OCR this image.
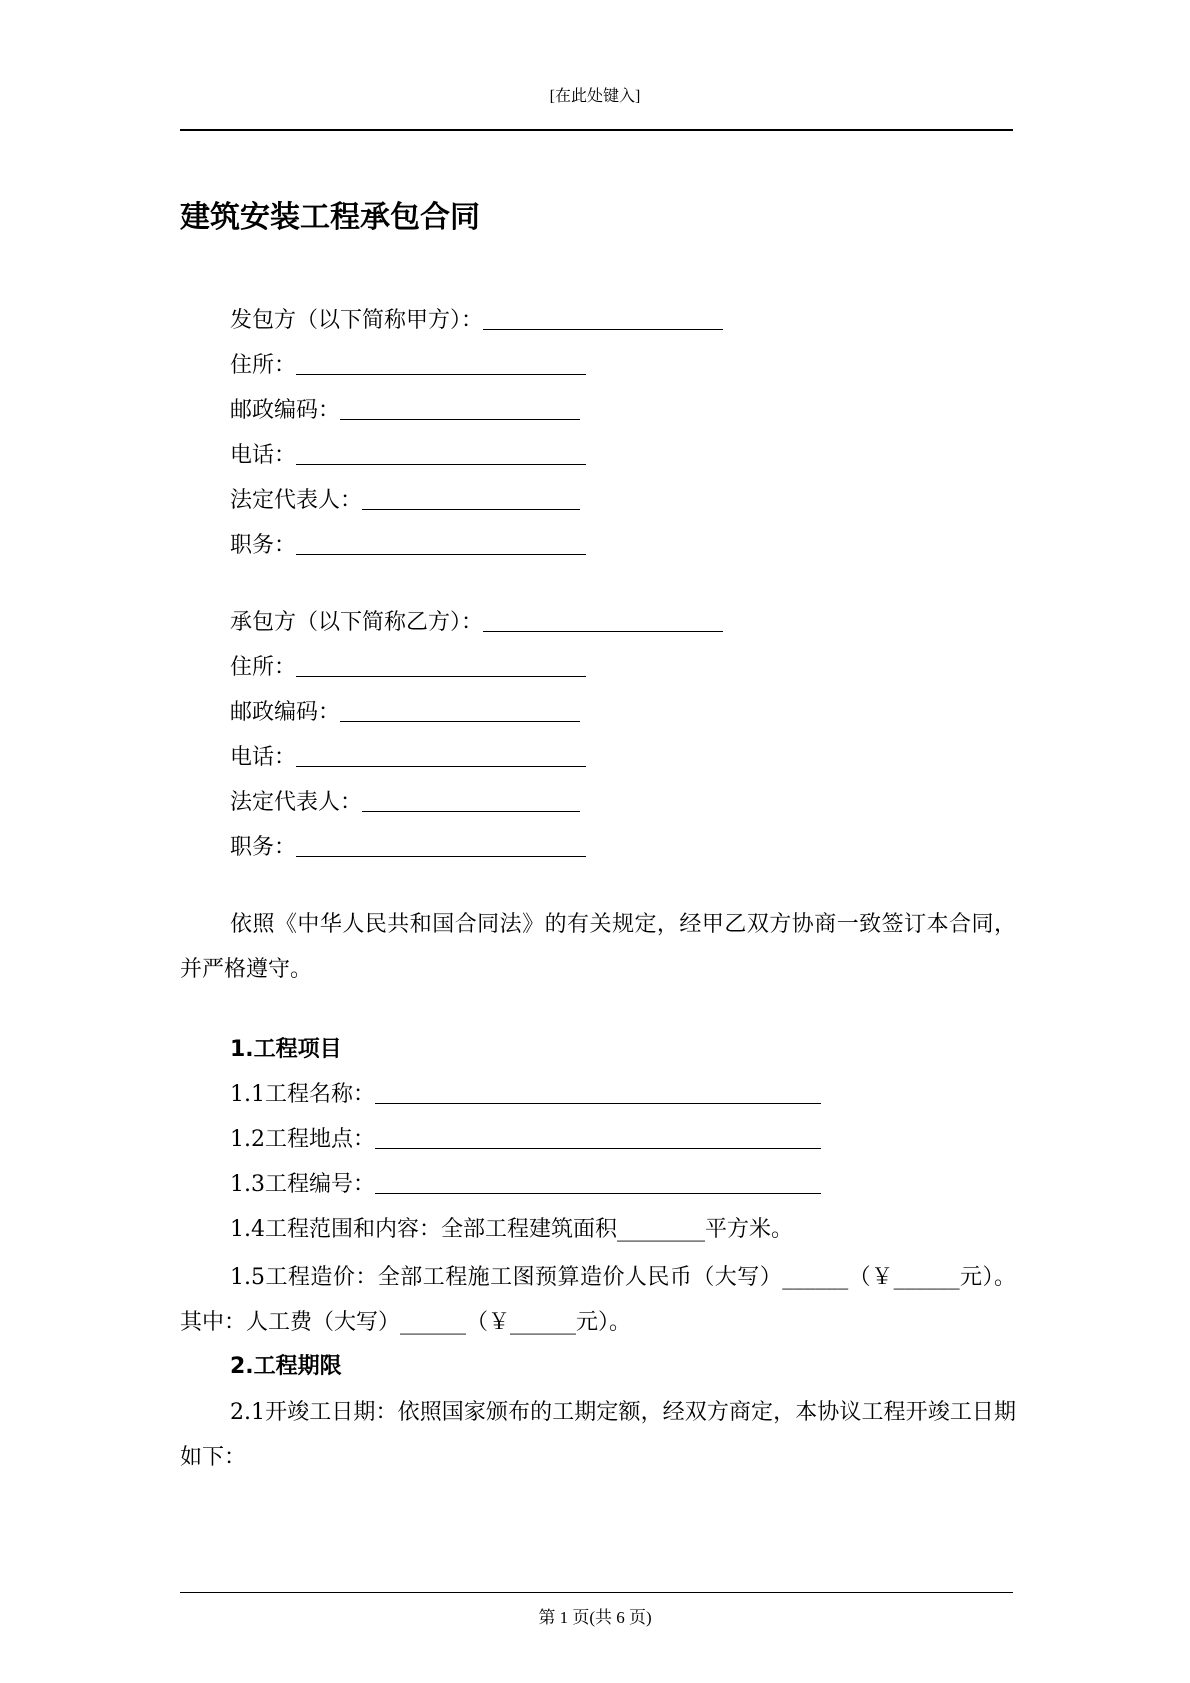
[在此处键入]
建筑安装工程承包合同
发包方（以下简称甲方）：
住所：
邮政编码：
电话：
法定代表人：
职务：
承包方（以下简称乙方）：
住所：
邮政编码：
电话：
法定代表人：
职务：
依照《中华人民共和国合同法》的有关规定，经甲乙双方协商一致签订本合同，并严格遵守。
1.工程项目
1.1工程名称：
1.2工程地点：
1.3工程编号：
1.4工程范围和内容：全部工程建筑面积________平方米。
1.5工程造价：全部工程施工图预算造价人民币（大写）______（￥______元）。其中：人工费（大写）______（￥______元）。
2.工程期限
2.1开竣工日期：依照国家颁布的工期定额，经双方商定，本协议工程开竣工日期如下：
第 1 页(共 6 页)
